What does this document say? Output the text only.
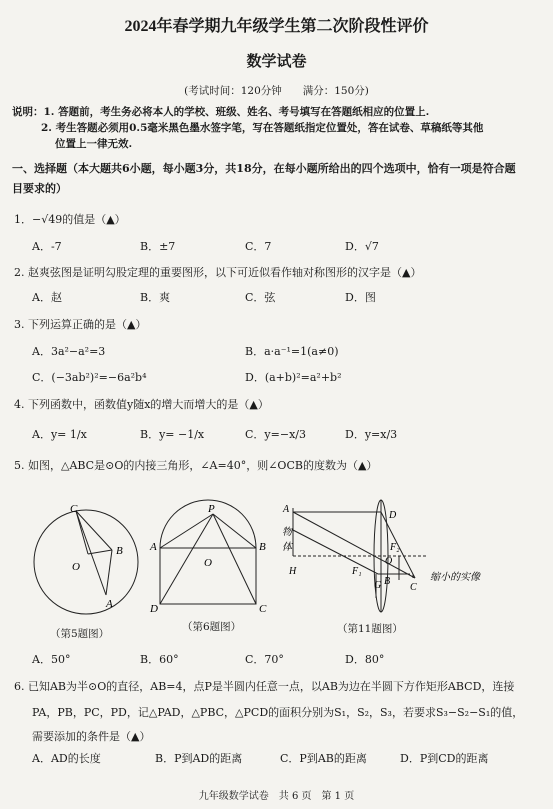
2024年春学期九年级学生第二次阶段性评价
数学试卷
(考试时间：120分钟　　满分：150分)
说明：1. 答题前，考生务必将本人的学校、班级、姓名、考号填写在答题纸相应的位置上.
2. 考生答题必须用0.5毫米黑色墨水签字笔，写在答题纸指定位置处，答在试卷、草稿纸等其他
位置上一律无效.
一、选择题（本大题共6小题，每小题3分，共18分，在每小题所给出的四个选项中，恰有一项是符合题
目要求的）
1．−√49的值是（▲）
A．-7	B．±7	C．7	D．√7
2. 赵爽弦图是证明勾股定理的重要图形，以下可近似看作轴对称图形的汉字是（▲）
A．赵	B．爽	C．弦	D．图
3. 下列运算正确的是（▲）
A．3a²−a²=3	B．a·a⁻¹=1(a≠0)
C．(−3ab²)²=−6a²b⁴	D．(a+b)²=a²+b²
4. 下列函数中，函数值y随x的增大而增大的是（▲）
A．y= 1/x	B．y= −1/x	C．y=−x/3	D．y=x/3
5. 如图，△ABC是⊙O的内接三角形，∠A=40°，则∠OCB的度数为（▲）
C
B
O
A
P
A	B
O
D	C
A
物
体
H	F₁
F₂
D
O
G B
C
缩小的实像
（第5题图）
（第6题图）	（第11题图）
A．50°	B．60°	C．70°	D．80°
6. 已知AB为半⊙O的直径，AB=4，点P是半圆内任意一点，以AB为边在半圆下方作矩形ABCD，连接
PA，PB，PC，PD，记△PAD，△PBC，△PCD的面积分别为S₁，S₂，S₃，若要求S₃−S₂−S₁的值，
需要添加的条件是（▲）
A．AD的长度	B．P到AD的距离	C．P到AB的距离	D．P到CD的距离
九年级数学试卷　共 6 页　第 1 页
